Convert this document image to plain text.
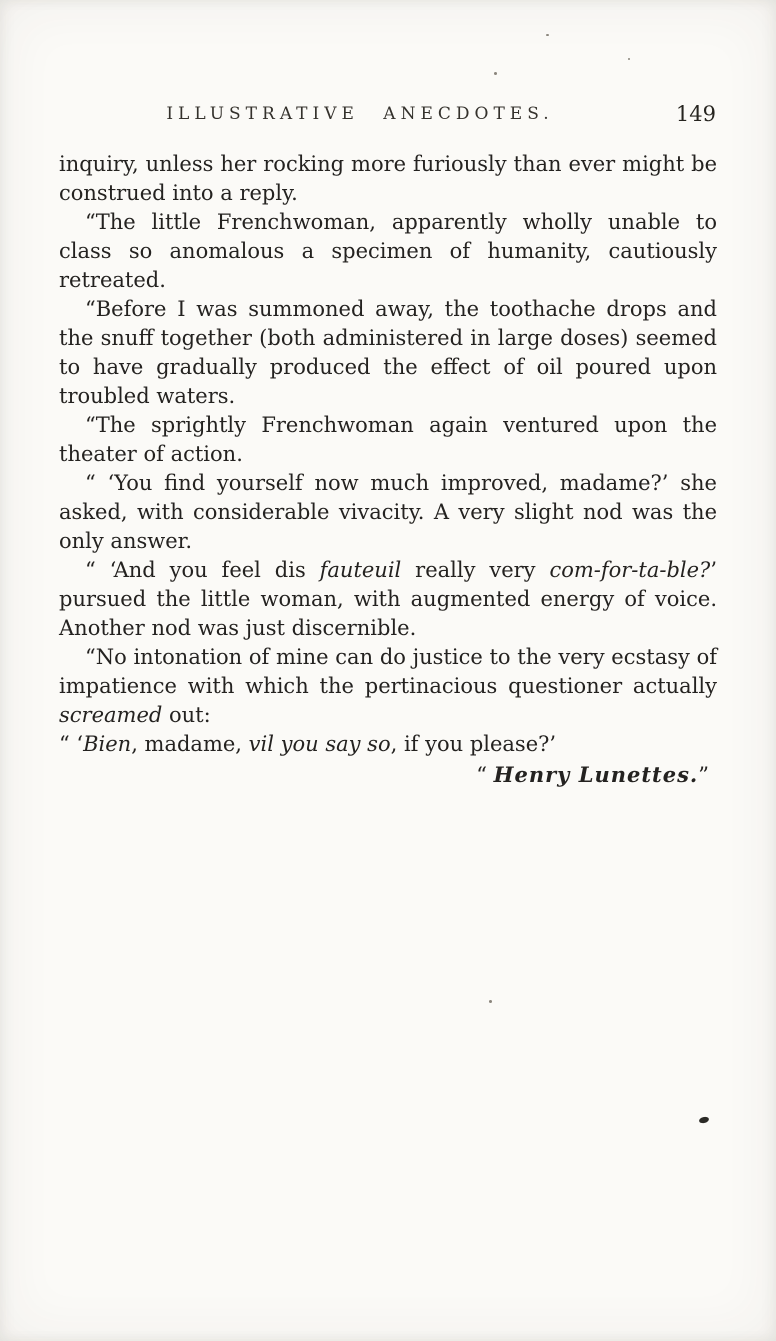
ILLUSTRATIVE ANECDOTES.	149

inquiry, unless her rocking more furiously than ever might be construed into a reply.

“The little Frenchwoman, apparently wholly unable to class so anomalous a specimen of humanity, cautiously retreated.

“Before I was summoned away, the toothache drops and the snuff together (both administered in large doses) seemed to have gradually produced the effect of oil poured upon troubled waters.

“The sprightly Frenchwoman again ventured upon the theater of action.

“ ‘You find yourself now much improved, madame?’ she asked, with considerable vivacity. A very slight nod was the only answer.

“ ‘And you feel dis fauteuil really very com-for-ta-ble?’ pursued the little woman, with augmented energy of voice. Another nod was just discernible.

“No intonation of mine can do justice to the very ecstasy of impatience with which the pertinacious questioner actually screamed out:

“ ‘Bien, madame, vil you say so, if you please?’

“ Henry Lunettes.”
